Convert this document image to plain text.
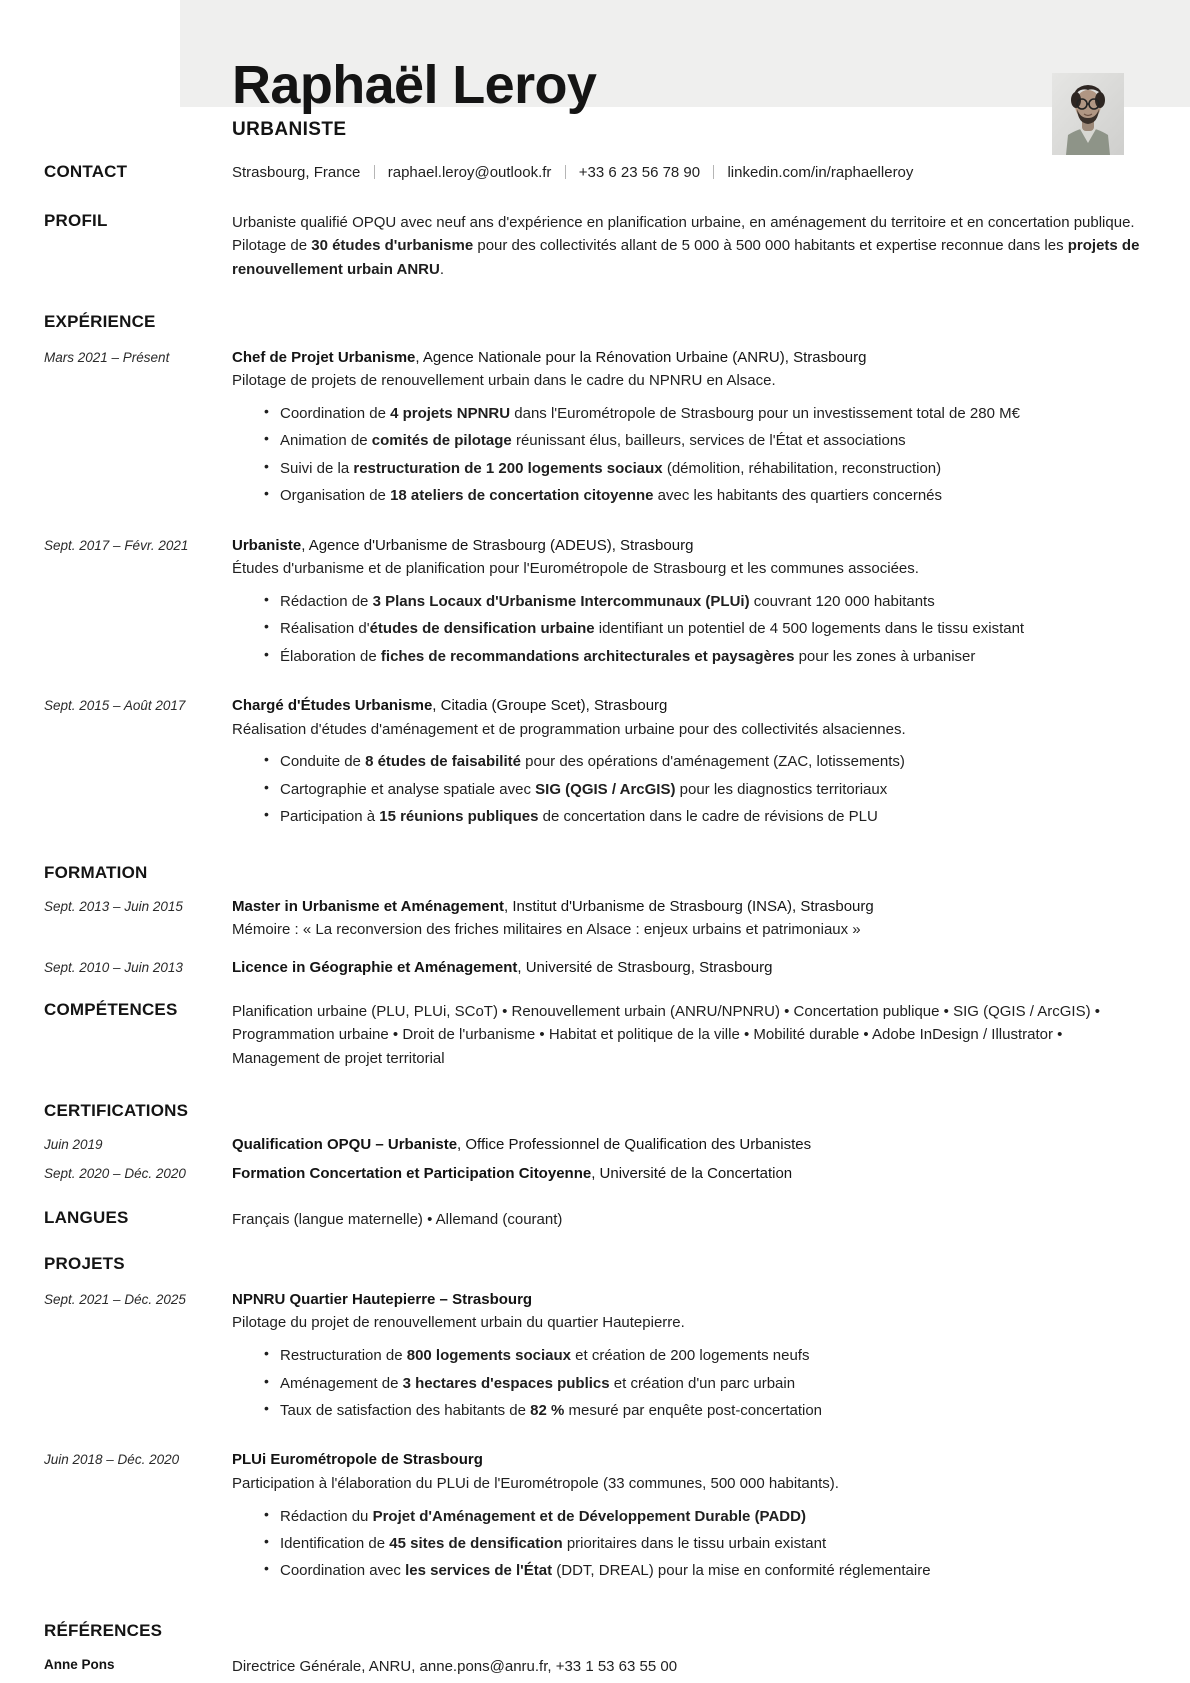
Raphaël Leroy
URBANISTE
CONTACT	Strasbourg, France raphael.leroy@outlook.fr +33 6 23 56 78 90 linkedin.com/in/raphaelleroy
PROFIL	Urbaniste qualifié OPQU avec neuf ans d'expérience en planification urbaine, en aménagement du territoire et en concertation publique. Pilotage de 30 études d'urbanisme pour des collectivités allant de 5 000 à 500 000 habitants et expertise reconnue dans les projets de renouvellement urbain ANRU.
EXPÉRIENCE
Mars 2021 – Présent	Chef de Projet Urbanisme, Agence Nationale pour la Rénovation Urbaine (ANRU), Strasbourg
Pilotage de projets de renouvellement urbain dans le cadre du NPNRU en Alsace.
• Coordination de 4 projets NPNRU dans l'Eurométropole de Strasbourg pour un investissement total de 280 M€
• Animation de comités de pilotage réunissant élus, bailleurs, services de l'État et associations
• Suivi de la restructuration de 1 200 logements sociaux (démolition, réhabilitation, reconstruction)
• Organisation de 18 ateliers de concertation citoyenne avec les habitants des quartiers concernés
Sept. 2017 – Févr. 2021	Urbaniste, Agence d'Urbanisme de Strasbourg (ADEUS), Strasbourg
Études d'urbanisme et de planification pour l'Eurométropole de Strasbourg et les communes associées.
• Rédaction de 3 Plans Locaux d'Urbanisme Intercommunaux (PLUi) couvrant 120 000 habitants
• Réalisation d'études de densification urbaine identifiant un potentiel de 4 500 logements dans le tissu existant
• Élaboration de fiches de recommandations architecturales et paysagères pour les zones à urbaniser
Sept. 2015 – Août 2017	Chargé d'Études Urbanisme, Citadia (Groupe Scet), Strasbourg
Réalisation d'études d'aménagement et de programmation urbaine pour des collectivités alsaciennes.
• Conduite de 8 études de faisabilité pour des opérations d'aménagement (ZAC, lotissements)
• Cartographie et analyse spatiale avec SIG (QGIS / ArcGIS) pour les diagnostics territoriaux
• Participation à 15 réunions publiques de concertation dans le cadre de révisions de PLU
FORMATION
Sept. 2013 – Juin 2015	Master in Urbanisme et Aménagement, Institut d'Urbanisme de Strasbourg (INSA), Strasbourg
Mémoire : « La reconversion des friches militaires en Alsace : enjeux urbains et patrimoniaux »
Sept. 2010 – Juin 2013	Licence in Géographie et Aménagement, Université de Strasbourg, Strasbourg
COMPÉTENCES	Planification urbaine (PLU, PLUi, SCoT) • Renouvellement urbain (ANRU/NPNRU) • Concertation publique • SIG (QGIS / ArcGIS) • Programmation urbaine • Droit de l'urbanisme • Habitat et politique de la ville • Mobilité durable • Adobe InDesign / Illustrator • Management de projet territorial
CERTIFICATIONS
Juin 2019	Qualification OPQU – Urbaniste, Office Professionnel de Qualification des Urbanistes
Sept. 2020 – Déc. 2020	Formation Concertation et Participation Citoyenne, Université de la Concertation
LANGUES	Français (langue maternelle) • Allemand (courant)
PROJETS
Sept. 2021 – Déc. 2025	NPNRU Quartier Hautepierre – Strasbourg
Pilotage du projet de renouvellement urbain du quartier Hautepierre.
• Restructuration de 800 logements sociaux et création de 200 logements neufs
• Aménagement de 3 hectares d'espaces publics et création d'un parc urbain
• Taux de satisfaction des habitants de 82 % mesuré par enquête post-concertation
Juin 2018 – Déc. 2020	PLUi Eurométropole de Strasbourg
Participation à l'élaboration du PLUi de l'Eurométropole (33 communes, 500 000 habitants).
• Rédaction du Projet d'Aménagement et de Développement Durable (PADD)
• Identification de 45 sites de densification prioritaires dans le tissu urbain existant
• Coordination avec les services de l'État (DDT, DREAL) pour la mise en conformité réglementaire
RÉFÉRENCES
Anne Pons	Directrice Générale, ANRU, anne.pons@anru.fr, +33 1 53 63 55 00
